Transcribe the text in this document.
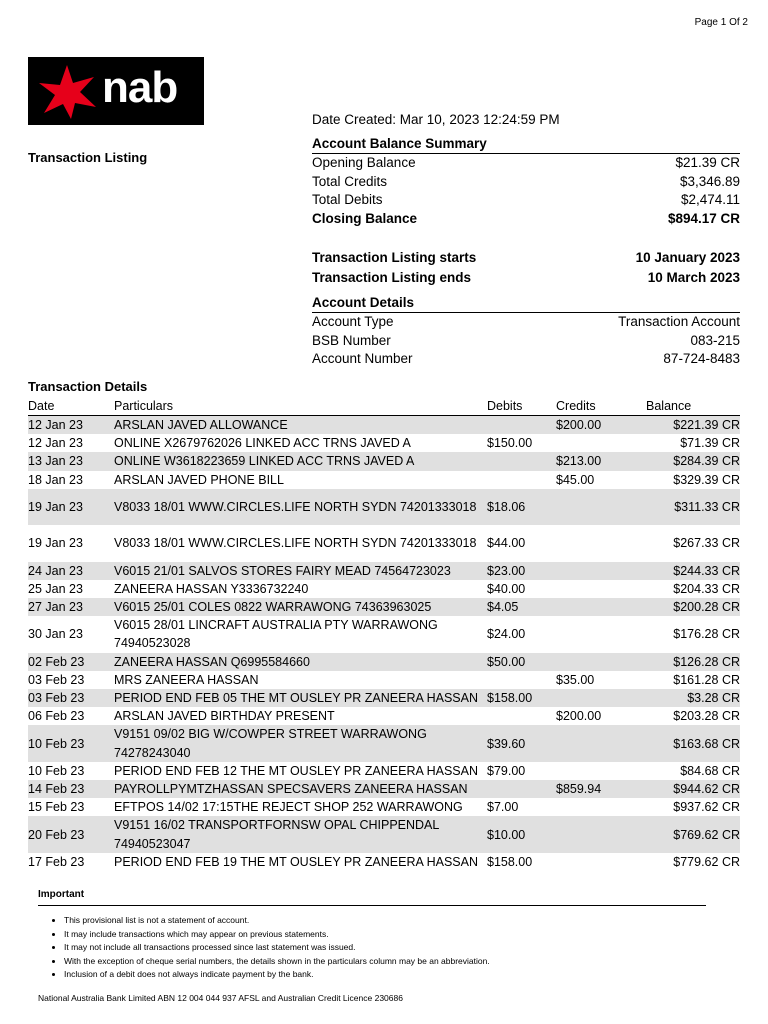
Page 1 Of 2
nab
Transaction Listing
Date Created: Mar 10, 2023 12:24:59 PM
Account Balance Summary
Opening Balance	$21.39 CR
Total Credits	$3,346.89
Total Debits	$2,474.11
Closing Balance	$894.17 CR
Transaction Listing starts	10 January 2023
Transaction Listing ends	10 March 2023
Account Details
Account Type	Transaction Account
BSB Number	083-215
Account Number	87-724-8483
Transaction Details
Date	Particulars	Debits	Credits	Balance
12 Jan 23	ARSLAN JAVED ALLOWANCE		$200.00	$221.39 CR
12 Jan 23	ONLINE X2679762026 LINKED ACC TRNS JAVED A	$150.00		$71.39 CR
13 Jan 23	ONLINE W3618223659 LINKED ACC TRNS JAVED A		$213.00	$284.39 CR
18 Jan 23	ARSLAN JAVED PHONE BILL		$45.00	$329.39 CR
19 Jan 23	V8033 18/01 WWW.CIRCLES.LIFE NORTH SYDN 74201333018	$18.06		$311.33 CR
19 Jan 23	V8033 18/01 WWW.CIRCLES.LIFE NORTH SYDN 74201333018	$44.00		$267.33 CR
24 Jan 23	V6015 21/01 SALVOS STORES FAIRY MEAD 74564723023	$23.00		$244.33 CR
25 Jan 23	ZANEERA HASSAN Y3336732240	$40.00		$204.33 CR
27 Jan 23	V6015 25/01 COLES 0822 WARRAWONG 74363963025	$4.05		$200.28 CR
30 Jan 23	V6015 28/01 LINCRAFT AUSTRALIA PTY WARRAWONG 74940523028	$24.00		$176.28 CR
02 Feb 23	ZANEERA HASSAN Q6995584660	$50.00		$126.28 CR
03 Feb 23	MRS ZANEERA HASSAN		$35.00	$161.28 CR
03 Feb 23	PERIOD END FEB 05 THE MT OUSLEY PR ZANEERA HASSAN	$158.00		$3.28 CR
06 Feb 23	ARSLAN JAVED BIRTHDAY PRESENT		$200.00	$203.28 CR
10 Feb 23	V9151 09/02 BIG W/COWPER STREET WARRAWONG 74278243040	$39.60		$163.68 CR
10 Feb 23	PERIOD END FEB 12 THE MT OUSLEY PR ZANEERA HASSAN	$79.00		$84.68 CR
14 Feb 23	PAYROLLPYMTZHASSAN SPECSAVERS ZANEERA HASSAN		$859.94	$944.62 CR
15 Feb 23	EFTPOS 14/02 17:15THE REJECT SHOP 252 WARRAWONG	$7.00		$937.62 CR
20 Feb 23	V9151 16/02 TRANSPORTFORNSW OPAL CHIPPENDAL 74940523047	$10.00		$769.62 CR
17 Feb 23	PERIOD END FEB 19 THE MT OUSLEY PR ZANEERA HASSAN	$158.00		$779.62 CR
Important
• This provisional list is not a statement of account.
• It may include transactions which may appear on previous statements.
• It may not include all transactions processed since last statement was issued.
• With the exception of cheque serial numbers, the details shown in the particulars column may be an abbreviation.
• Inclusion of a debit does not always indicate payment by the bank.
National Australia Bank Limited ABN 12 004 044 937 AFSL and Australian Credit Licence 230686
